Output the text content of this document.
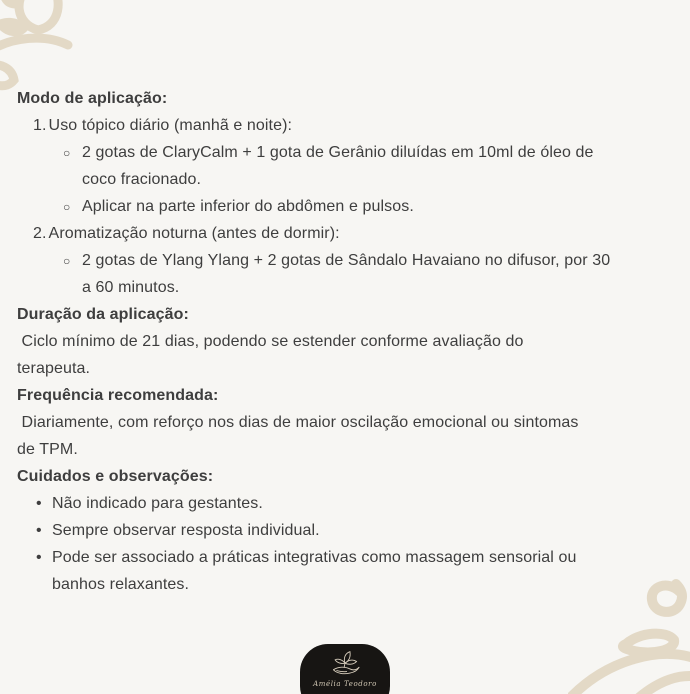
Modo de aplicação:
1. Uso tópico diário (manhã e noite):
○ 2 gotas de ClaryCalm + 1 gota de Gerânio diluídas em 10ml de óleo de coco fracionado.
○ Aplicar na parte inferior do abdômen e pulsos.
2. Aromatização noturna (antes de dormir):
○ 2 gotas de Ylang Ylang + 2 gotas de Sândalo Havaiano no difusor, por 30 a 60 minutos.
Duração da aplicação:
Ciclo mínimo de 21 dias, podendo se estender conforme avaliação do terapeuta.
Frequência recomendada:
Diariamente, com reforço nos dias de maior oscilação emocional ou sintomas de TPM.
Cuidados e observações:
• Não indicado para gestantes.
• Sempre observar resposta individual.
• Pode ser associado a práticas integrativas como massagem sensorial ou banhos relaxantes.
Amélia Teodoro
